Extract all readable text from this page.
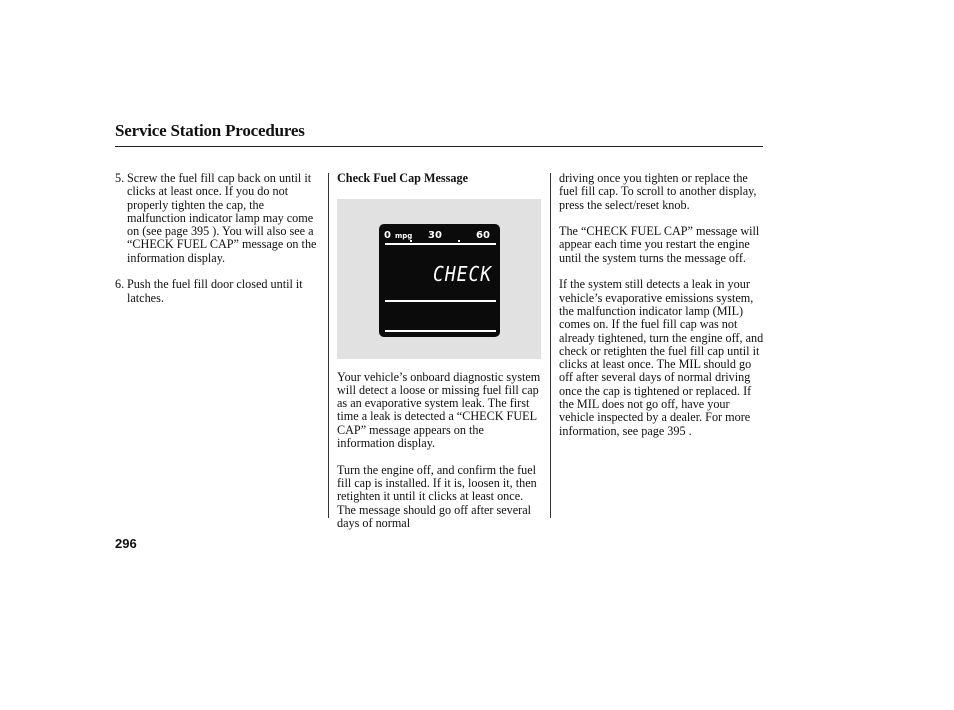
Service Station Procedures

5. Screw the fuel fill cap back on until it clicks at least once. If you do not properly tighten the cap, the malfunction indicator lamp may come on (see page 395 ). You will also see a “CHECK FUEL CAP” message on the information display.

6. Push the fuel fill door closed until it latches.

Check Fuel Cap Message

0 mpg 30	60
CHECK

Your vehicle’s onboard diagnostic system will detect a loose or missing fuel fill cap as an evaporative system leak. The first time a leak is detected a “CHECK FUEL CAP” message appears on the information display.

Turn the engine off, and confirm the fuel fill cap is installed. If it is, loosen it, then retighten it until it clicks at least once. The message should go off after several days of normal

driving once you tighten or replace the fuel fill cap. To scroll to another display, press the select/reset knob.

The “CHECK FUEL CAP” message will appear each time you restart the engine until the system turns the message off.

If the system still detects a leak in your vehicle’s evaporative emissions system, the malfunction indicator lamp (MIL) comes on. If the fuel fill cap was not already tightened, turn the engine off, and check or retighten the fuel fill cap until it clicks at least once. The MIL should go off after several days of normal driving once the cap is tightened or replaced. If the MIL does not go off, have your vehicle inspected by a dealer. For more information, see page 395 .

296
